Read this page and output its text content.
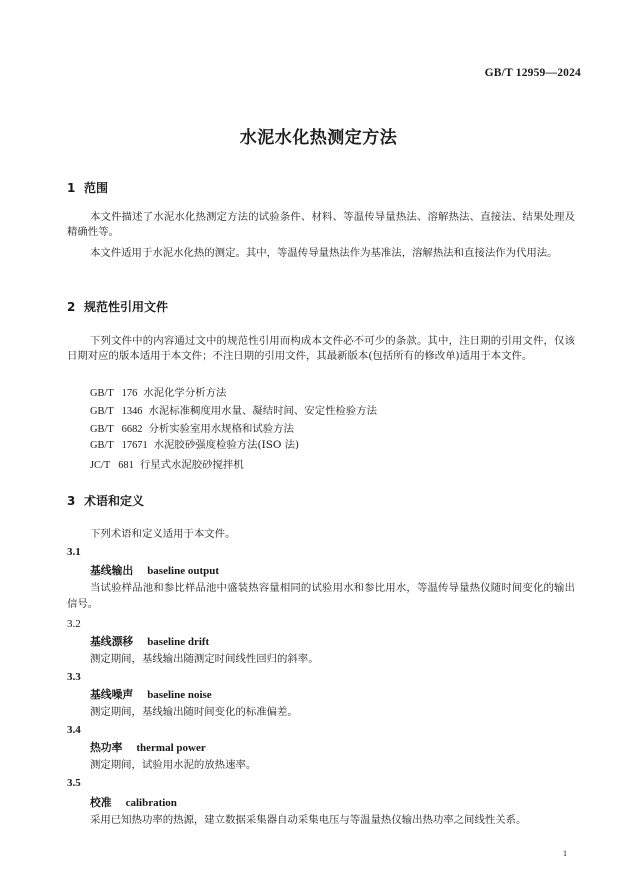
GB/T 12959—2024
水泥水化热测定方法
1 范围
本文件描述了水泥水化热测定方法的试验条件、材料、等温传导量热法、溶解热法、直接法、结果处理及精确性等。
本文件适用于水泥水化热的测定。其中，等温传导量热法作为基准法，溶解热法和直接法作为代用法。
2 规范性引用文件
下列文件中的内容通过文中的规范性引用而构成本文件必不可少的条款。其中，注日期的引用文件，仅该日期对应的版本适用于本文件；不注日期的引用文件，其最新版本(包括所有的修改单)适用于本文件。
GB/T 176 水泥化学分析方法
GB/T 1346 水泥标准稠度用水量、凝结时间、安定性检验方法
GB/T 6682 分析实验室用水规格和试验方法
GB/T 17671 水泥胶砂强度检验方法(ISO 法)
JC/T 681 行星式水泥胶砂搅拌机
3 术语和定义
下列术语和定义适用于本文件。
3.1
基线输出 baseline output
当试验样品池和参比样品池中盛装热容量相同的试验用水和参比用水，等温传导量热仪随时间变化的输出信号。
3.2
基线漂移 baseline drift
测定期间，基线输出随测定时间线性回归的斜率。
3.3
基线噪声 baseline noise
测定期间，基线输出随时间变化的标准偏差。
3.4
热功率 thermal power
测定期间，试验用水泥的放热速率。
3.5
校准 calibration
采用已知热功率的热源，建立数据采集器自动采集电压与等温量热仪输出热功率之间线性关系。
1
